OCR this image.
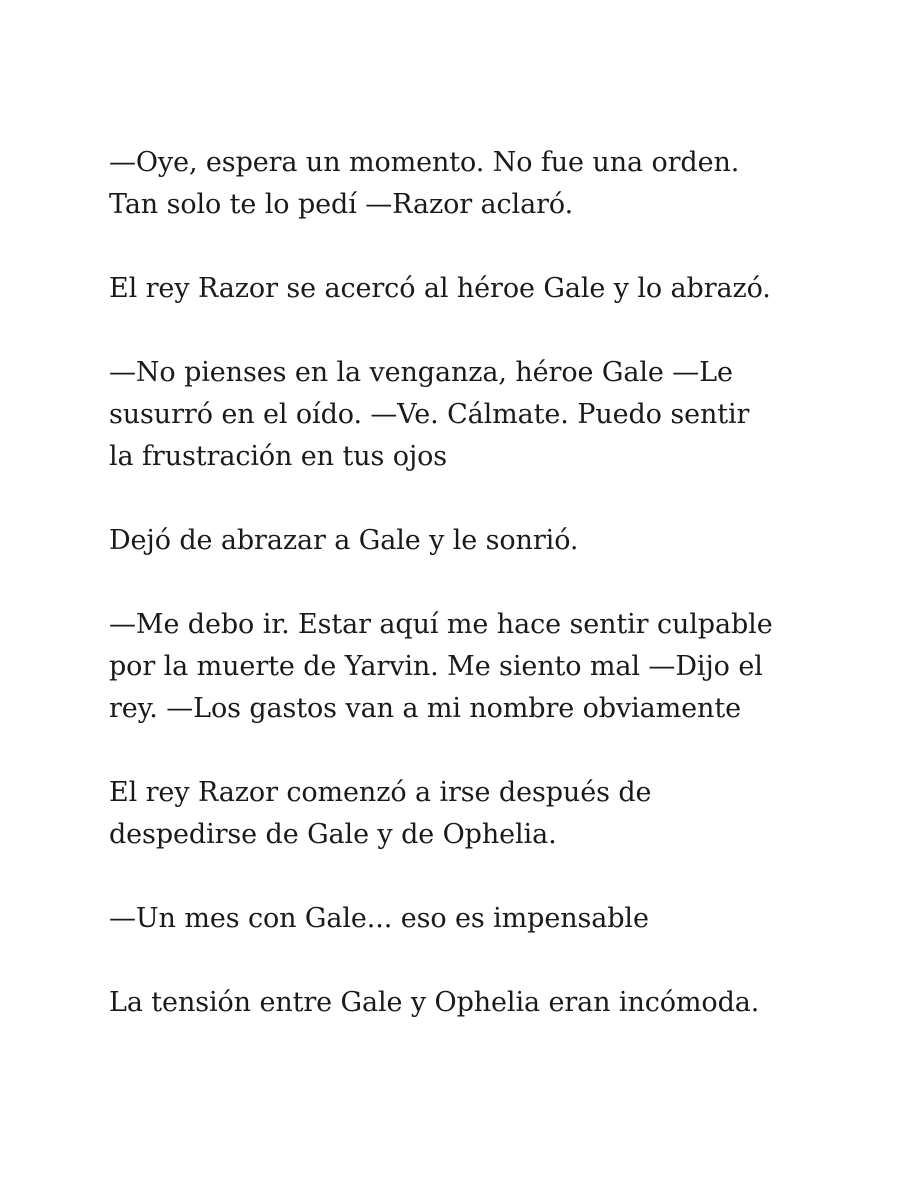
—Oye, espera un momento. No fue una orden.
Tan solo te lo pedí —Razor aclaró.

El rey Razor se acercó al héroe Gale y lo abrazó.

—No pienses en la venganza, héroe Gale —Le
susurró en el oído. —Ve. Cálmate. Puedo sentir
la frustración en tus ojos

Dejó de abrazar a Gale y le sonrió.

—Me debo ir. Estar aquí me hace sentir culpable
por la muerte de Yarvin. Me siento mal —Dijo el
rey. —Los gastos van a mi nombre obviamente

El rey Razor comenzó a irse después de
despedirse de Gale y de Ophelia.

—Un mes con Gale... eso es impensable

La tensión entre Gale y Ophelia eran incómoda.
